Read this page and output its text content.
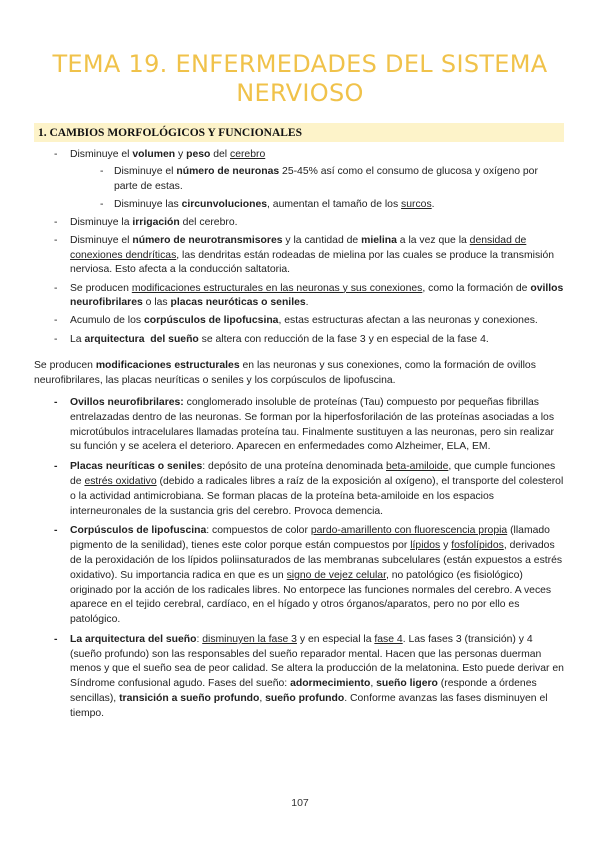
TEMA 19. ENFERMEDADES DEL SISTEMA NERVIOSO
1. CAMBIOS MORFOLÓGICOS Y FUNCIONALES
- Disminuye el volumen y peso del cerebro
- Disminuye el número de neuronas 25-45% así como el consumo de glucosa y oxígeno por parte de estas.
- Disminuye las circunvoluciones, aumentan el tamaño de los surcos.
- Disminuye la irrigación del cerebro.
- Disminuye el número de neurotransmisores y la cantidad de mielina a la vez que la densidad de conexiones dendríticas, las dendritas están rodeadas de mielina por las cuales se produce la transmisión nerviosa. Esto afecta a la conducción saltatoria.
- Se producen modificaciones estructurales en las neuronas y sus conexiones, como la formación de ovillos neurofibrilares o las placas neuróticas o seniles.
- Acumulo de los corpúsculos de lipofucsina, estas estructuras afectan a las neuronas y conexiones.
- La arquitectura  del sueño se altera con reducción de la fase 3 y en especial de la fase 4.

Se producen modificaciones estructurales en las neuronas y sus conexiones, como la formación de ovillos neurofibrilares, las placas neuríticas o seniles y los corpúsculos de lipofuscina.

- Ovillos neurofibrilares: conglomerado insoluble de proteínas (Tau) compuesto por pequeñas fibrillas entrelazadas dentro de las neuronas. Se forman por la hiperfosforilación de las proteínas asociadas a los microtúbulos intracelulares llamadas proteína tau. Finalmente sustituyen a las neuronas, pero sin realizar su función y se acelera el deterioro. Aparecen en enfermedades como Alzheimer, ELA, EM.
- Placas neuríticas o seniles: depósito de una proteína denominada beta-amiloide, que cumple funciones de estrés oxidativo (debido a radicales libres a raíz de la exposición al oxígeno), el transporte del colesterol o la actividad antimicrobiana. Se forman placas de la proteína beta-amiloide en los espacios interneuronales de la sustancia gris del cerebro. Provoca demencia.
- Corpúsculos de lipofuscina: compuestos de color pardo-amarillento con fluorescencia propia (llamado pigmento de la senilidad), tienes este color porque están compuestos por lípidos y fosfolípidos, derivados de la peroxidación de los lípidos poliinsaturados de las membranas subcelulares (están expuestos a estrés oxidativo). Su importancia radica en que es un signo de vejez celular, no patológico (es fisiológico) originado por la acción de los radicales libres. No entorpece las funciones normales del cerebro. A veces aparece en el tejido cerebral, cardíaco, en el hígado y otros órganos/aparatos, pero no por ello es patológico.
- La arquitectura del sueño: disminuyen la fase 3 y en especial la fase 4. Las fases 3 (transición) y 4 (sueño profundo) son las responsables del sueño reparador mental. Hacen que las personas duerman menos y que el sueño sea de peor calidad. Se altera la producción de la melatonina. Esto puede derivar en Síndrome confusional agudo. Fases del sueño: adormecimiento, sueño ligero (responde a órdenes sencillas), transición a sueño profundo, sueño profundo. Conforme avanzas las fases disminuyen el tiempo.
107
